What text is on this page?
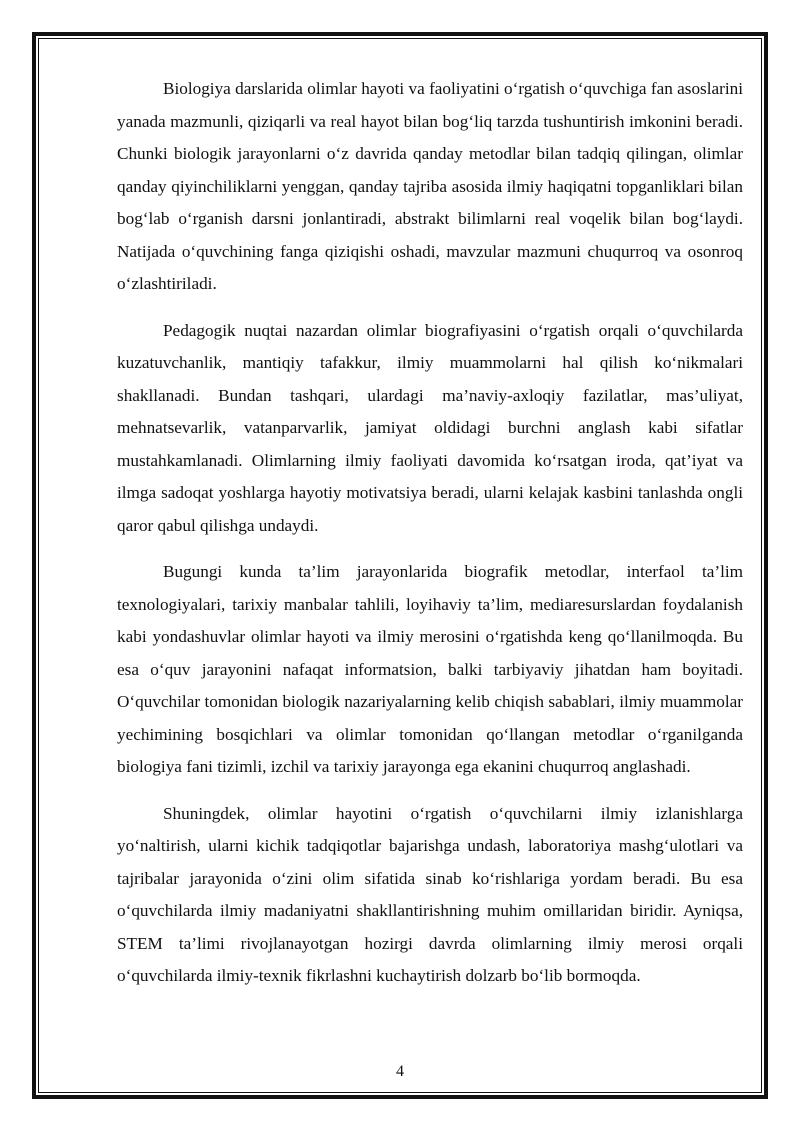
Biologiya darslarida olimlar hayoti va faoliyatini o‘rgatish o‘quvchiga fan asoslarini yanada mazmunli, qiziqarli va real hayot bilan bog‘liq tarzda tushuntirish imkonini beradi. Chunki biologik jarayonlarni o‘z davrida qanday metodlar bilan tadqiq qilingan, olimlar qanday qiyinchiliklarni yenggan, qanday tajriba asosida ilmiy haqiqatni topganliklari bilan bog‘lab o‘rganish darsni jonlantiradi, abstrakt bilimlarni real voqelik bilan bog‘laydi. Natijada o‘quvchining fanga qiziqishi oshadi, mavzular mazmuni chuqurroq va osonroq o‘zlashtiriladi.

Pedagogik nuqtai nazardan olimlar biografiyasini o‘rgatish orqali o‘quvchilarda kuzatuvchanlik, mantiqiy tafakkur, ilmiy muammolarni hal qilish ko‘nikmalari shakllanadi. Bundan tashqari, ulardagi ma’naviy-axloqiy fazilatlar, mas’uliyat, mehnatsevarlik, vatanparvarlik, jamiyat oldidagi burchni anglash kabi sifatlar mustahkamlanadi. Olimlarning ilmiy faoliyati davomida ko‘rsatgan iroda, qat’iyat va ilmga sadoqat yoshlarga hayotiy motivatsiya beradi, ularni kelajak kasbini tanlashda ongli qaror qabul qilishga undaydi.

Bugungi kunda ta’lim jarayonlarida biografik metodlar, interfaol ta’lim texnologiyalari, tarixiy manbalar tahlili, loyihaviy ta’lim, mediaresurslardan foydalanish kabi yondashuvlar olimlar hayoti va ilmiy merosini o‘rgatishda keng qo‘llanilmoqda. Bu esa o‘quv jarayonini nafaqat informatsion, balki tarbiyaviy jihatdan ham boyitadi. O‘quvchilar tomonidan biologik nazariyalarning kelib chiqish sabablari, ilmiy muammolar yechimining bosqichlari va olimlar tomonidan qo‘llangan metodlar o‘rganilganda biologiya fani tizimli, izchil va tarixiy jarayonga ega ekanini chuqurroq anglashadi.

Shuningdek, olimlar hayotini o‘rgatish o‘quvchilarni ilmiy izlanishlarga yo‘naltirish, ularni kichik tadqiqotlar bajarishga undash, laboratoriya mashg‘ulotlari va tajribalar jarayonida o‘zini olim sifatida sinab ko‘rishlariga yordam beradi. Bu esa o‘quvchilarda ilmiy madaniyatni shakllantirishning muhim omillaridan biridir. Ayniqsa, STEM ta’limi rivojlanayotgan hozirgi davrda olimlarning ilmiy merosi orqali o‘quvchilarda ilmiy-texnik fikrlashni kuchaytirish dolzarb bo‘lib bormoqda.

4
